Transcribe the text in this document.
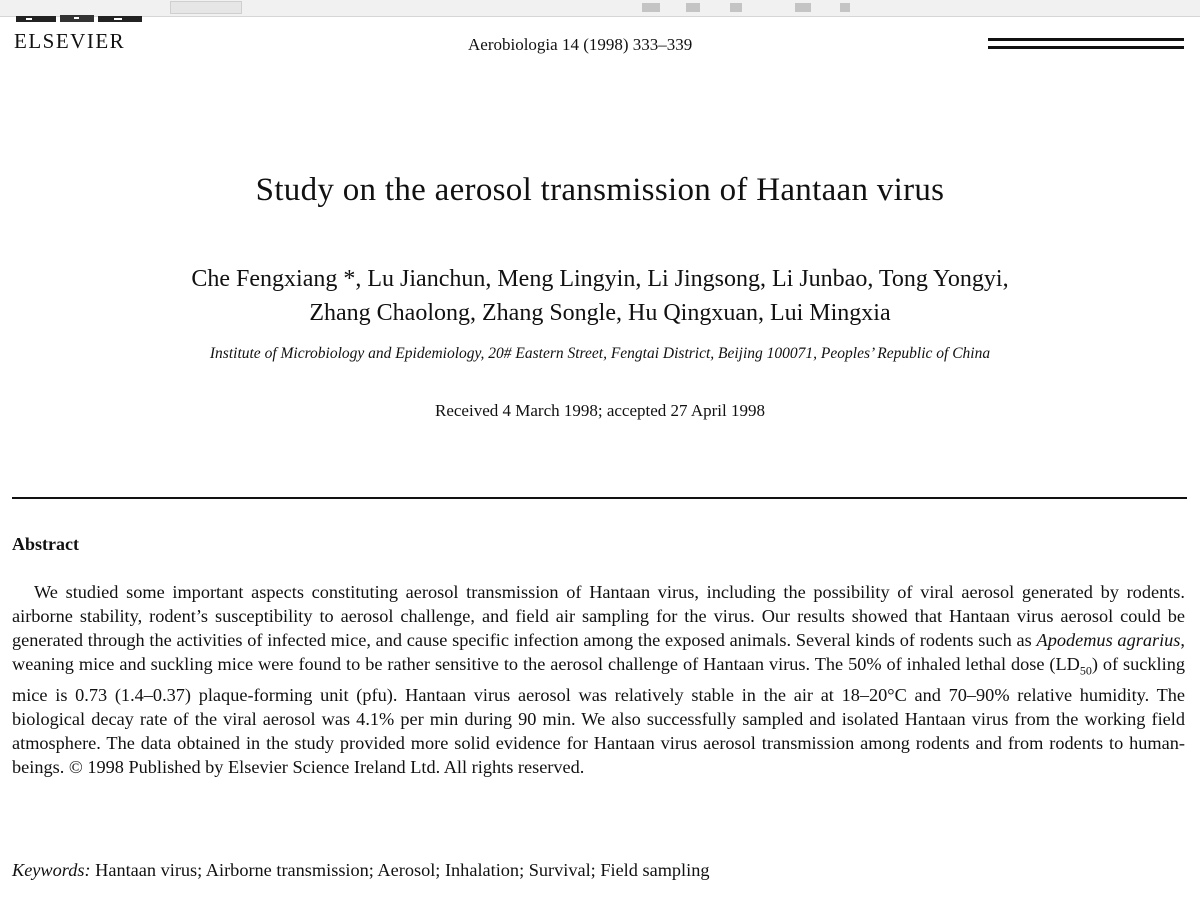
ELSEVIER	Aerobiologia 14 (1998) 333–339
Study on the aerosol transmission of Hantaan virus
Che Fengxiang *, Lu Jianchun, Meng Lingyin, Li Jingsong, Li Junbao, Tong Yongyi,
Zhang Chaolong, Zhang Songle, Hu Qingxuan, Lui Mingxia
Institute of Microbiology and Epidemiology, 20# Eastern Street, Fengtai District, Beijing 100071, Peoples’ Republic of China
Received 4 March 1998; accepted 27 April 1998
Abstract
We studied some important aspects constituting aerosol transmission of Hantaan virus, including the possibility of viral aerosol generated by rodents. airborne stability, rodent’s susceptibility to aerosol challenge, and field air sampling for the virus. Our results showed that Hantaan virus aerosol could be generated through the activities of infected mice, and cause specific infection among the exposed animals. Several kinds of rodents such as Apodemus agrarius, weaning mice and suckling mice were found to be rather sensitive to the aerosol challenge of Hantaan virus. The 50% of inhaled lethal dose $(LD_{50})$ of suckling mice is 0.73 (1.4–0.37) plaque-forming unit (pfu). Hantaan virus aerosol was relatively stable in the air at 18–20°C and 70–90% relative humidity. The biological decay rate of the viral aerosol was 4.1% per min during 90 min. We also successfully sampled and isolated Hantaan virus from the working field atmosphere. The data obtained in the study provided more solid evidence for Hantaan virus aerosol transmission among rodents and from rodents to human-beings. © 1998 Published by Elsevier Science Ireland Ltd. All rights reserved.
Keywords: Hantaan virus; Airborne transmission; Aerosol; Inhalation; Survival; Field sampling
